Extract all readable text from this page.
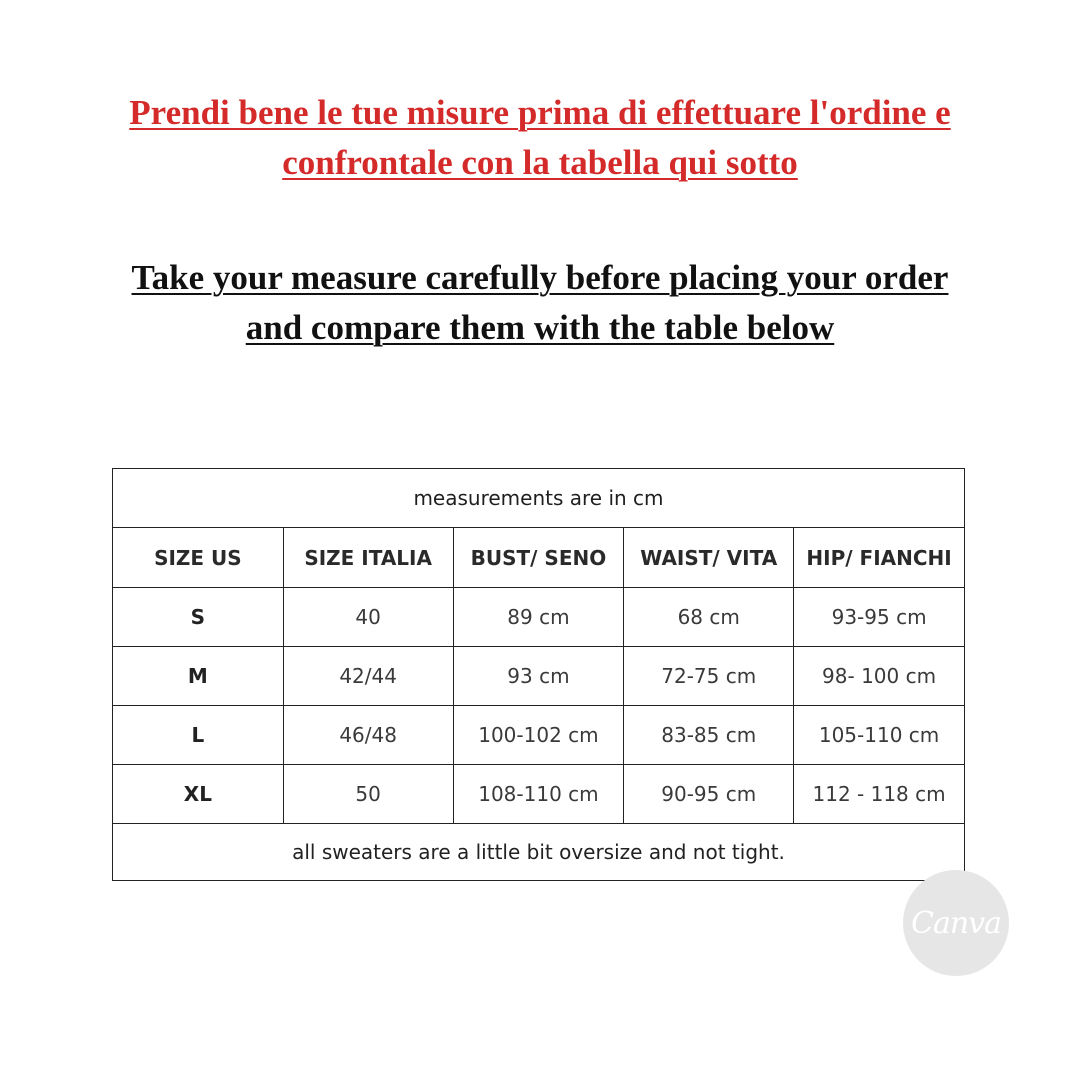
Prendi bene le tue misure prima di effettuare l'ordine e
confrontale con la tabella qui sotto
Take your measure carefully before placing your order
and compare them with the table below
measurements are in cm				
SIZE US	SIZE ITALIA	BUST/ SENO	WAIST/ VITA	HIP/ FIANCHI
S	40	89 cm	68 cm	93-95 cm
M	42/44	93 cm	72-75 cm	98- 100 cm
L	46/48	100-102 cm	83-85 cm	105-110 cm
XL	50	108-110 cm	90-95 cm	112 - 118 cm
all sweaters are a little bit oversize and not tight.				
Canva
